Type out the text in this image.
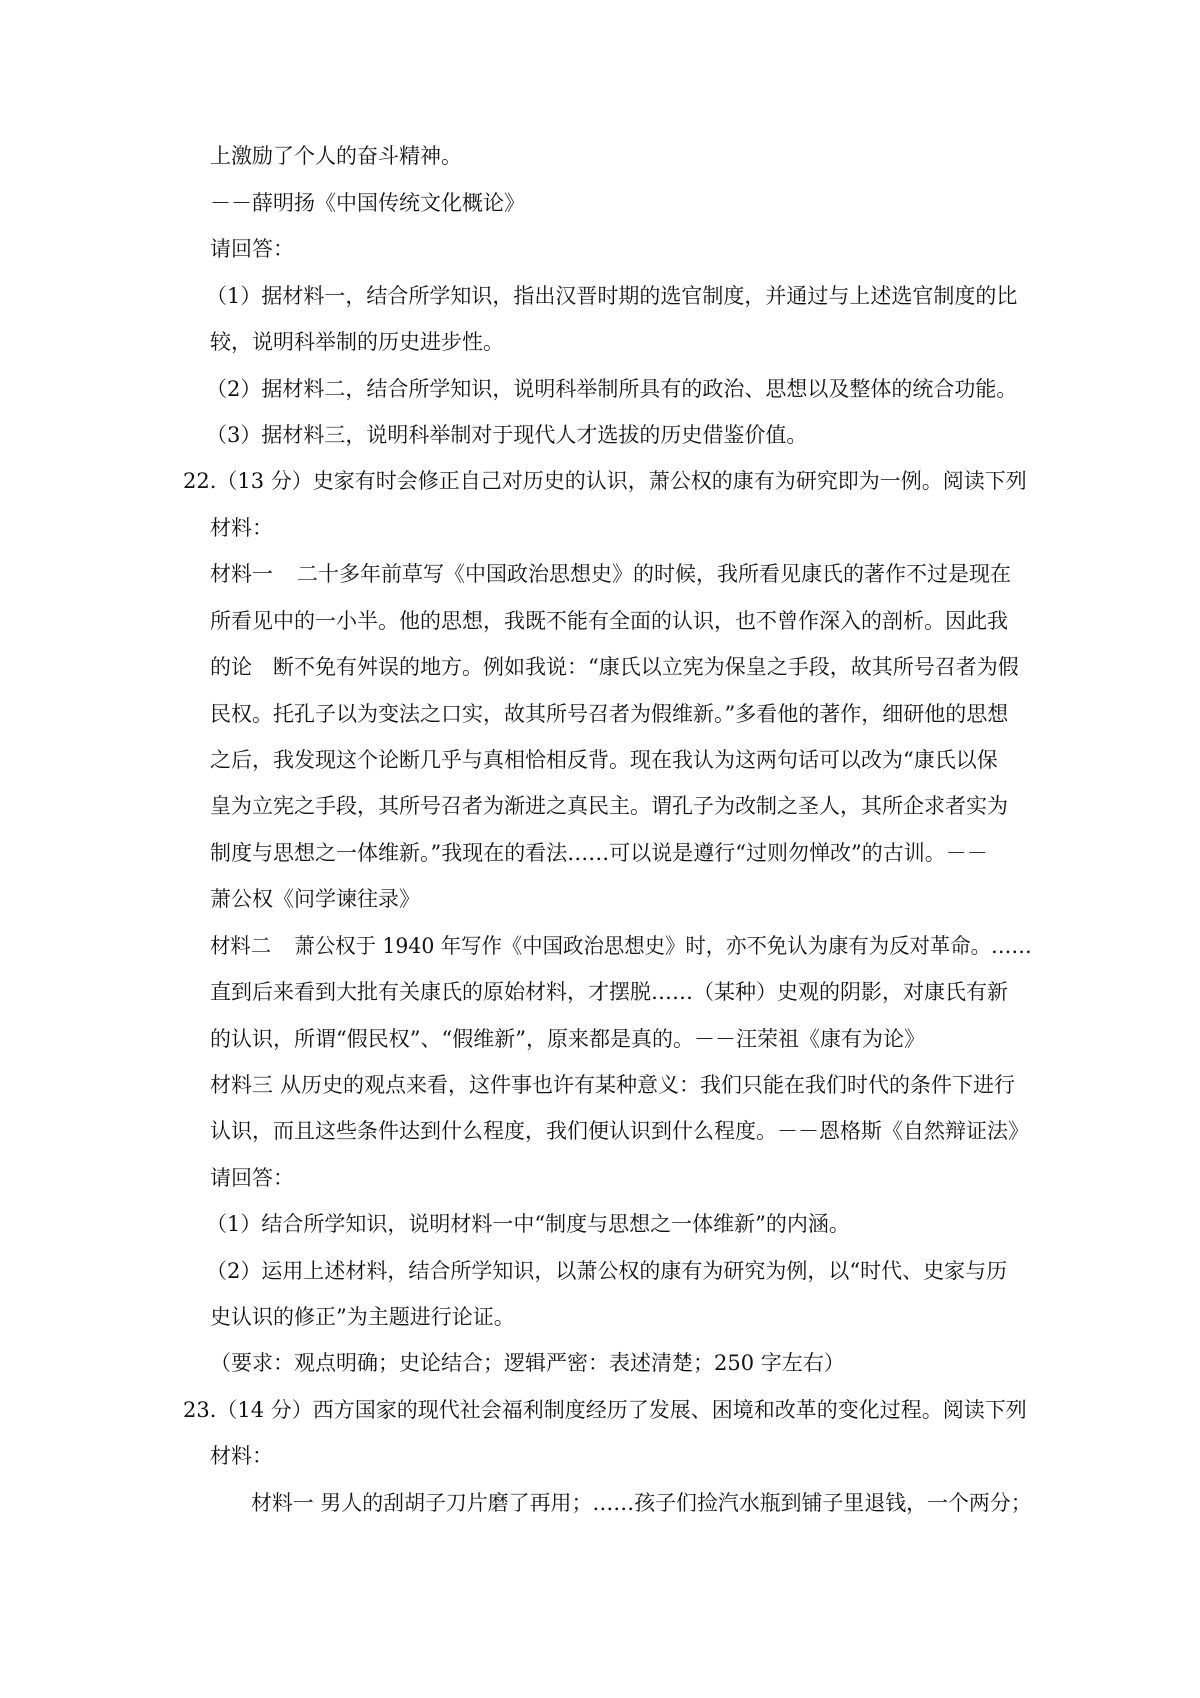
上激励了个人的奋斗精神。
－－薛明扬《中国传统文化概论》
请回答：
（1）据材料一，结合所学知识，指出汉晋时期的选官制度，并通过与上述选官制度的比
较，说明科举制的历史进步性。
（2）据材料二，结合所学知识，说明科举制所具有的政治、思想以及整体的统合功能。
（3）据材料三，说明科举制对于现代人才选拔的历史借鉴价值。
22.（13 分）史家有时会修正自己对历史的认识，萧公权的康有为研究即为一例。阅读下列
材料：
材料一 二十多年前草写《中国政治思想史》的时候，我所看见康氏的著作不过是现在
所看见中的一小半。他的思想，我既不能有全面的认识，也不曾作深入的剖析。因此我
的论　断不免有舛误的地方。例如我说：“康氏以立宪为保皇之手段，故其所号召者为假
民权。托孔子以为变法之口实，故其所号召者为假维新。”多看他的著作，细研他的思想
之后，我发现这个论断几乎与真相恰相反背。现在我认为这两句话可以改为“康氏以保
皇为立宪之手段，其所号召者为渐进之真民主。谓孔子为改制之圣人，其所企求者实为
制度与思想之一体维新。”我现在的看法……可以说是遵行“过则勿惮改”的古训。－－
萧公权《问学谏往录》
材料二 萧公权于 1940 年写作《中国政治思想史》时，亦不免认为康有为反对革命。……
直到后来看到大批有关康氏的原始材料，才摆脱……（某种）史观的阴影，对康氏有新
的认识，所谓“假民权”、“假维新”，原来都是真的。－－汪荣祖《康有为论》
材料三 从历史的观点来看，这件事也许有某种意义：我们只能在我们时代的条件下进行
认识，而且这些条件达到什么程度，我们便认识到什么程度。－－恩格斯《自然辩证法》
请回答：
（1）结合所学知识，说明材料一中“制度与思想之一体维新”的内涵。
（2）运用上述材料，结合所学知识，以萧公权的康有为研究为例，以“时代、史家与历
史认识的修正”为主题进行论证。
（要求：观点明确；史论结合；逻辑严密：表述清楚；250 字左右）
23.（14 分）西方国家的现代社会福利制度经历了发展、困境和改革的变化过程。阅读下列
材料：
材料一 男人的刮胡子刀片磨了再用；……孩子们捡汽水瓶到铺子里退钱，一个两分；
